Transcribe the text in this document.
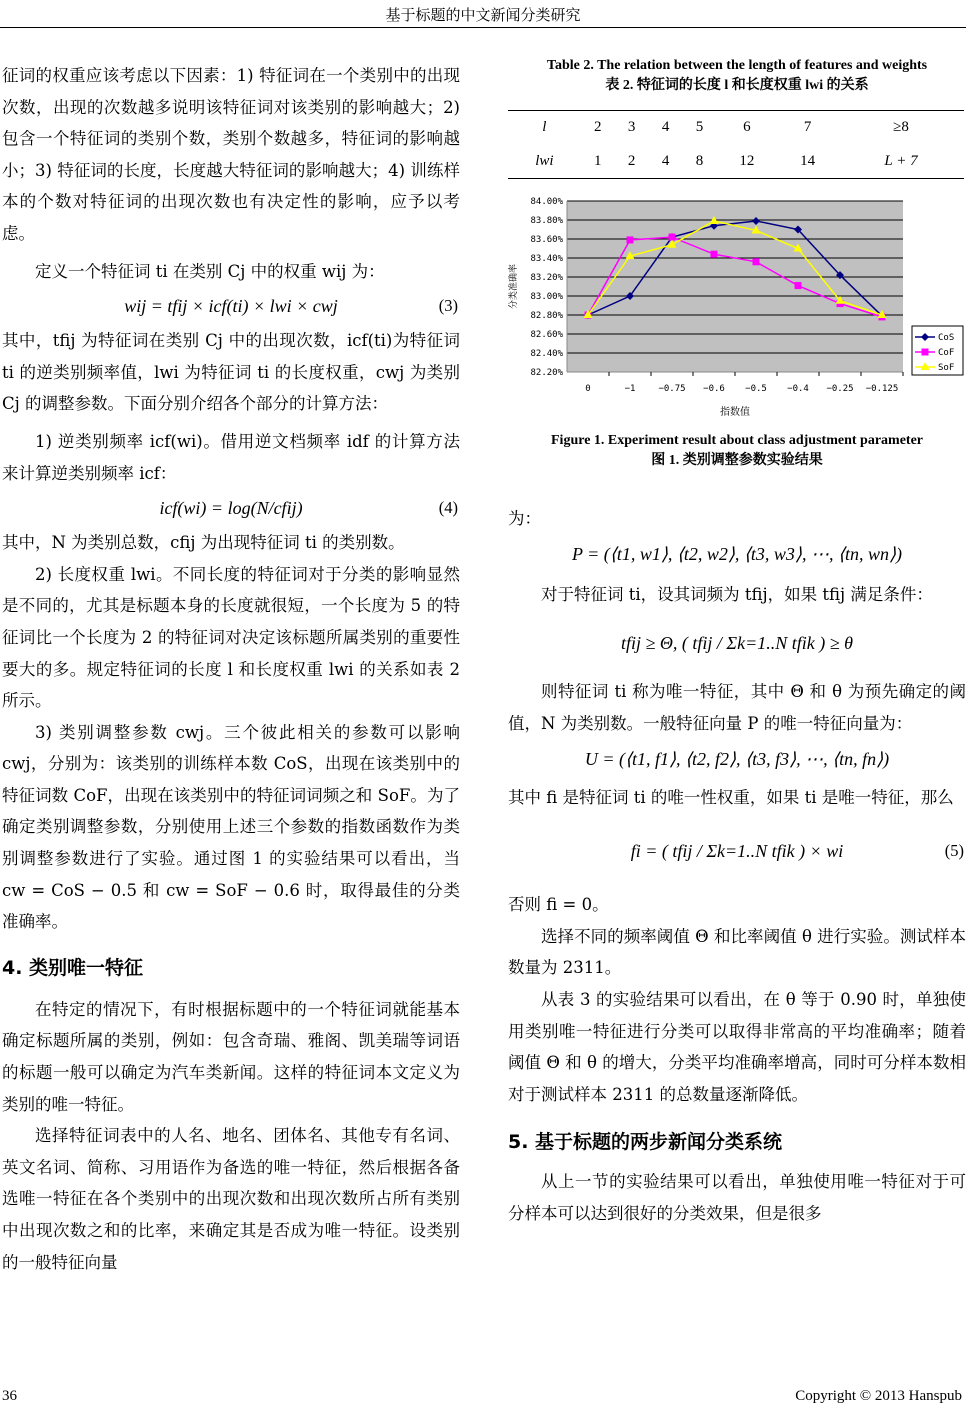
基于标题的中文新闻分类研究

征词的权重应该考虑以下因素：1) 特征词在一个类别中的出现次数，出现的次数越多说明该特征词对该类别的影响越大；2) 包含一个特征词的类别个数，类别个数越多，特征词的影响越小；3) 特征词的长度，长度越大特征词的影响越大；4) 训练样本的个数对特征词的出现次数也有决定性的影响，应予以考虑。

定义一个特征词 ti 在类别 Cj 中的权重 wij 为：

wij = tfij × icf(ti) × lwi × cwj	(3)

其中，tfij 为特征词在类别 Cj 中的出现次数，icf(ti)为特征词 ti 的逆类别频率值，lwi 为特征词 ti 的长度权重，cwj 为类别 Cj 的调整参数。下面分别介绍各个部分的计算方法：

1) 逆类别频率 icf(wi)。借用逆文档频率 idf 的计算方法来计算逆类别频率 icf：

icf(wi) = log(N/cfij)	(4)

其中，N 为类别总数，cfij 为出现特征词 ti 的类别数。

2) 长度权重 lwi。不同长度的特征词对于分类的影响显然是不同的，尤其是标题本身的长度就很短，一个长度为 5 的特征词比一个长度为 2 的特征词对决定该标题所属类别的重要性要大的多。规定特征词的长度 l 和长度权重 lwi 的关系如表 2 所示。

3) 类别调整参数 cwj。三个彼此相关的参数可以影响 cwj，分别为：该类别的训练样本数 CoS，出现在该类别中的特征词数 CoF，出现在该类别中的特征词词频之和 SoF。为了确定类别调整参数，分别使用上述三个参数的指数函数作为类别调整参数进行了实验。通过图 1 的实验结果可以看出，当 cw = CoS − 0.5 和 cw = SoF − 0.6 时，取得最佳的分类准确率。

4. 类别唯一特征

在特定的情况下，有时根据标题中的一个特征词就能基本确定标题所属的类别，例如：包含奇瑞、雅阁、凯美瑞等词语的标题一般可以确定为汽车类新闻。这样的特征词本文定义为类别的唯一特征。

选择特征词表中的人名、地名、团体名、其他专有名词、英文名词、简称、习用语作为备选的唯一特征，然后根据各备选唯一特征在各个类别中的出现次数和出现次数所占所有类别中出现次数之和的比率，来确定其是否成为唯一特征。设类别的一般特征向量

Table 2. The relation between the length of features and weights
表 2. 特征词的长度 l 和长度权重 lwi 的关系
l	2	3	4	5	6	7	≥8
lwi	1	2	4	8	12	14	L + 7
82.20%
82.40%
82.60%
82.80%
83.00%
83.20%
83.40%
83.60%
83.80%
84.00%
0	−1	−0.75 −0.6 −0.5 −0.4 −0.25 −0.125
指数值
分类准确率
CoS
CoF
SoF
Figure 1. Experiment result about class adjustment parameter
图 1. 类别调整参数实验结果

为：

P = (⟨t1, w1⟩, ⟨t2, w2⟩, ⟨t3, w3⟩, ⋯, ⟨tn, wn⟩)

对于特征词 ti，设其词频为 tfij，如果 tfij 满足条件：

tfij ≥ Θ, ( tfij / Σk=1..N tfik ) ≥ θ

则特征词 ti 称为唯一特征，其中 Θ 和 θ 为预先确定的阈值，N 为类别数。一般特征向量 P 的唯一特征向量为：

U = (⟨t1, f1⟩, ⟨t2, f2⟩, ⟨t3, f3⟩, ⋯, ⟨tn, fn⟩)

其中 fi 是特征词 ti 的唯一性权重，如果 ti 是唯一特征，那么

fi = ( tfij / Σk=1..N tfik ) × wi	(5)

否则 fi = 0。

选择不同的频率阈值 Θ 和比率阈值 θ 进行实验。测试样本数量为 2311。

从表 3 的实验结果可以看出，在 θ 等于 0.90 时，单独使用类别唯一特征进行分类可以取得非常高的平均准确率；随着阈值 Θ 和 θ 的增大，分类平均准确率增高，同时可分样本数相对于测试样本 2311 的总数量逐渐降低。

5. 基于标题的两步新闻分类系统

从上一节的实验结果可以看出，单独使用唯一特征对于可分样本可以达到很好的分类效果，但是很多

36	Copyright © 2013 Hanspub
